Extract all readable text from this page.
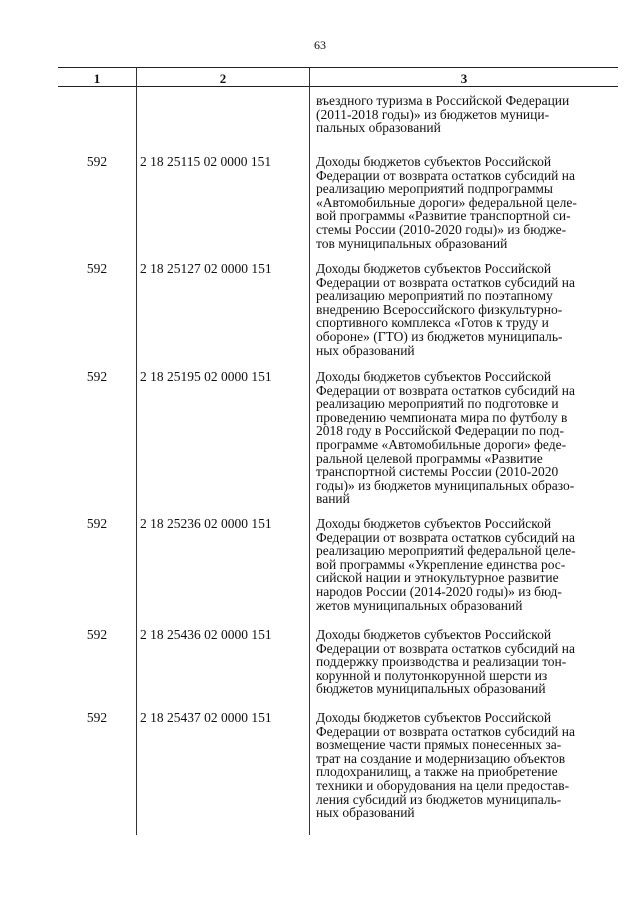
63
1	2	3
въездного туризма в Российской Федерации
(2011-2018 годы)» из бюджетов муници-
пальных образований
592	2 18 25115 02 0000 151	Доходы бюджетов субъектов Российской
Федерации от возврата остатков субсидий на
реализацию мероприятий подпрограммы
«Автомобильные дороги» федеральной целе-
вой программы «Развитие транспортной си-
стемы России (2010-2020 годы)» из бюдже-
тов муниципальных образований
592	2 18 25127 02 0000 151	Доходы бюджетов субъектов Российской
Федерации от возврата остатков субсидий на
реализацию мероприятий по поэтапному
внедрению Всероссийского физкультурно-
спортивного комплекса «Готов к труду и
обороне» (ГТО) из бюджетов муниципаль-
ных образований
592	2 18 25195 02 0000 151	Доходы бюджетов субъектов Российской
Федерации от возврата остатков субсидий на
реализацию мероприятий по подготовке и
проведению чемпионата мира по футболу в
2018 году в Российской Федерации по под-
программе «Автомобильные дороги» феде-
ральной целевой программы «Развитие
транспортной системы России (2010-2020
годы)» из бюджетов муниципальных образо-
ваний
592	2 18 25236 02 0000 151	Доходы бюджетов субъектов Российской
Федерации от возврата остатков субсидий на
реализацию мероприятий федеральной целе-
вой программы «Укрепление единства рос-
сийской нации и этнокультурное развитие
народов России (2014-2020 годы)» из бюд-
жетов муниципальных образований
592	2 18 25436 02 0000 151	Доходы бюджетов субъектов Российской
Федерации от возврата остатков субсидий на
поддержку производства и реализации тон-
корунной и полутонкорунной шерсти из
бюджетов муниципальных образований
592	2 18 25437 02 0000 151	Доходы бюджетов субъектов Российской
Федерации от возврата остатков субсидий на
возмещение части прямых понесенных за-
трат на создание и модернизацию объектов
плодохранилищ, а также на приобретение
техники и оборудования на цели предостав-
ления субсидий из бюджетов муниципаль-
ных образований
